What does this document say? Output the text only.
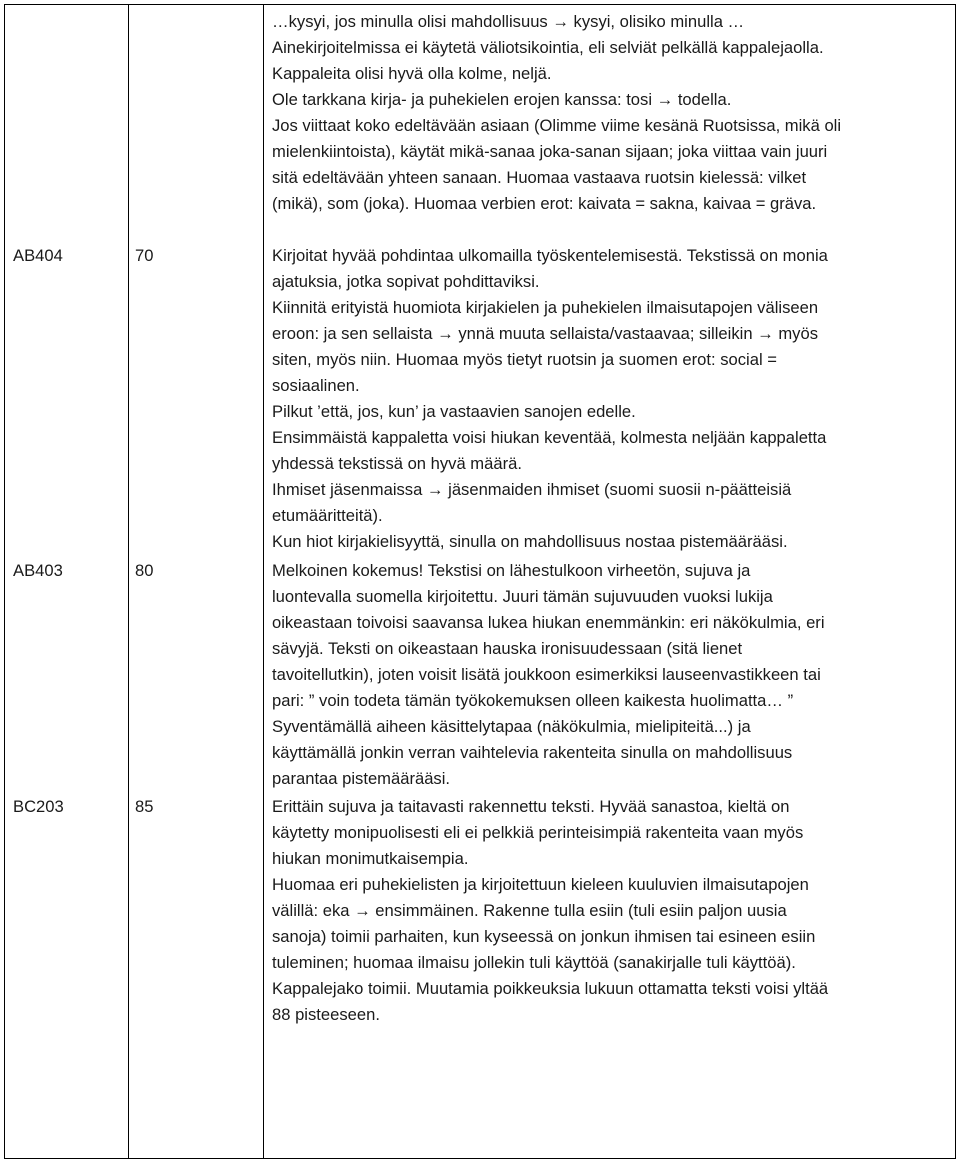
…kysyi, jos minulla olisi mahdollisuus → kysyi, olisiko minulla …
Ainekirjoitelmissa ei käytetä väliotsikointia, eli selviät pelkällä kappalejaolla.
Kappaleita olisi hyvä olla kolme, neljä.
Ole tarkkana kirja- ja puhekielen erojen kanssa: tosi → todella.
Jos viittaat koko edeltävään asiaan (Olimme viime kesänä Ruotsissa, mikä oli
mielenkiintoista), käytät mikä-sanaa joka-sanan sijaan; joka viittaa vain juuri
sitä edeltävään yhteen sanaan. Huomaa vastaava ruotsin kielessä: vilket
(mikä), som (joka). Huomaa verbien erot: kaivata = sakna, kaivaa = gräva.
AB404	70	Kirjoitat hyvää pohdintaa ulkomailla työskentelemisestä. Tekstissä on monia
ajatuksia, jotka sopivat pohdittaviksi.
Kiinnitä erityistä huomiota kirjakielen ja puhekielen ilmaisutapojen väliseen
eroon: ja sen sellaista → ynnä muuta sellaista/vastaavaa; silleikin → myös
siten, myös niin. Huomaa myös tietyt ruotsin ja suomen erot: social =
sosiaalinen.
Pilkut ’että, jos, kun’ ja vastaavien sanojen edelle.
Ensimmäistä kappaletta voisi hiukan keventää, kolmesta neljään kappaletta
yhdessä tekstissä on hyvä määrä.
Ihmiset jäsenmaissa → jäsenmaiden ihmiset (suomi suosii n-päätteisiä
etumääritteitä).
Kun hiot kirjakielisyyttä, sinulla on mahdollisuus nostaa pistemäärääsi.
AB403	80	Melkoinen kokemus! Tekstisi on lähestulkoon virheetön, sujuva ja
luontevalla suomella kirjoitettu. Juuri tämän sujuvuuden vuoksi lukija
oikeastaan toivoisi saavansa lukea hiukan enemmänkin: eri näkökulmia, eri
sävyjä. Teksti on oikeastaan hauska ironisuudessaan (sitä lienet
tavoitellutkin), joten voisit lisätä joukkoon esimerkiksi lauseenvastikkeen tai
pari: ” voin todeta tämän työkokemuksen olleen kaikesta huolimatta… ”
Syventämällä aiheen käsittelytapaa (näkökulmia, mielipiteitä...) ja
käyttämällä jonkin verran vaihtelevia rakenteita sinulla on mahdollisuus
parantaa pistemäärääsi.
BC203	85	Erittäin sujuva ja taitavasti rakennettu teksti. Hyvää sanastoa, kieltä on
käytetty monipuolisesti eli ei pelkkiä perinteisimpiä rakenteita vaan myös
hiukan monimutkaisempia.
Huomaa eri puhekielisten ja kirjoitettuun kieleen kuuluvien ilmaisutapojen
välillä: eka → ensimmäinen. Rakenne tulla esiin (tuli esiin paljon uusia
sanoja) toimii parhaiten, kun kyseessä on jonkun ihmisen tai esineen esiin
tuleminen; huomaa ilmaisu jollekin tuli käyttöä (sanakirjalle tuli käyttöä).
Kappalejako toimii. Muutamia poikkeuksia lukuun ottamatta teksti voisi yltää
88 pisteeseen.
